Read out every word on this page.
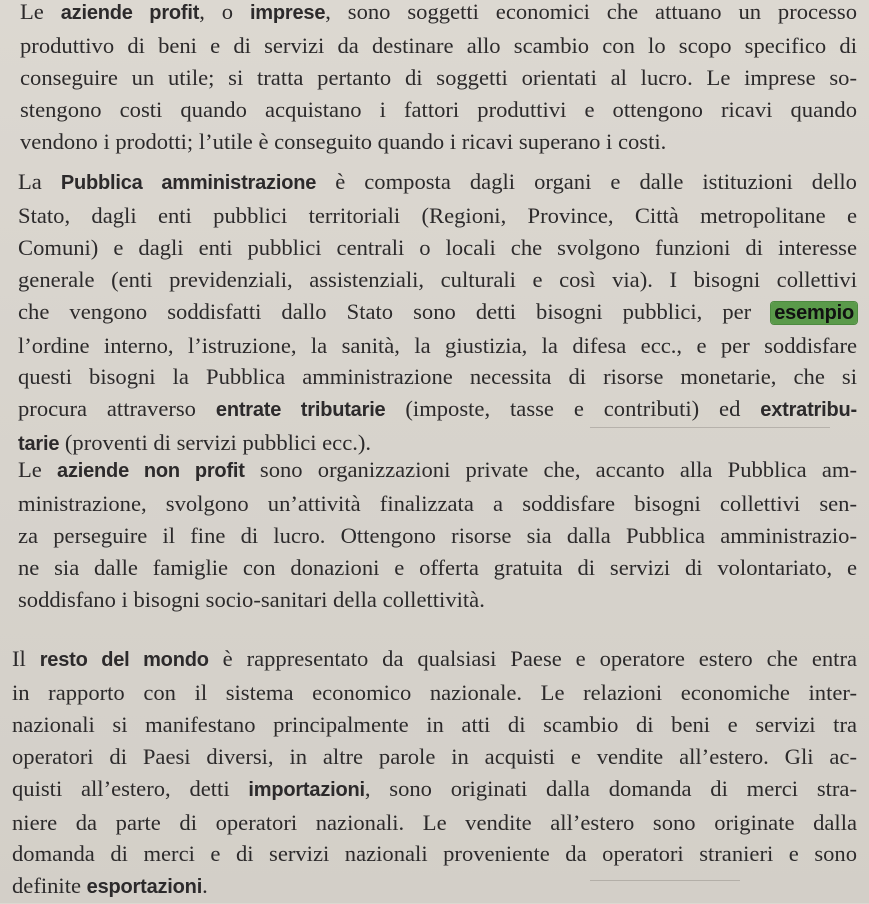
Le aziende profit, o imprese, sono soggetti economici che attuano un processo
produttivo di beni e di servizi da destinare allo scambio con lo scopo specifico di
conseguire un utile; si tratta pertanto di soggetti orientati al lucro. Le imprese so-
stengono costi quando acquistano i fattori produttivi e ottengono ricavi quando
vendono i prodotti; l’utile è conseguito quando i ricavi superano i costi.

La Pubblica amministrazione è composta dagli organi e dalle istituzioni dello
Stato, dagli enti pubblici territoriali (Regioni, Province, Città metropolitane e
Comuni) e dagli enti pubblici centrali o locali che svolgono funzioni di interesse
generale (enti previdenziali, assistenziali, culturali e così via). I bisogni collettivi
che vengono soddisfatti dallo Stato sono detti bisogni pubblici, per esempio
l’ordine interno, l’istruzione, la sanità, la giustizia, la difesa ecc., e per soddisfare
questi bisogni la Pubblica amministrazione necessita di risorse monetarie, che si
procura attraverso entrate tributarie (imposte, tasse e contributi) ed extratribu-
tarie (proventi di servizi pubblici ecc.).

Le aziende non profit sono organizzazioni private che, accanto alla Pubblica am-
ministrazione, svolgono un’attività finalizzata a soddisfare bisogni collettivi sen-
za perseguire il fine di lucro. Ottengono risorse sia dalla Pubblica amministrazio-
ne sia dalle famiglie con donazioni e offerta gratuita di servizi di volontariato, e
soddisfano i bisogni socio-sanitari della collettività.

Il resto del mondo è rappresentato da qualsiasi Paese e operatore estero che entra
in rapporto con il sistema economico nazionale. Le relazioni economiche inter-
nazionali si manifestano principalmente in atti di scambio di beni e servizi tra
operatori di Paesi diversi, in altre parole in acquisti e vendite all’estero. Gli ac-
quisti all’estero, detti importazioni, sono originati dalla domanda di merci stra-
niere da parte di operatori nazionali. Le vendite all’estero sono originate dalla
domanda di merci e di servizi nazionali proveniente da operatori stranieri e sono
definite esportazioni.
